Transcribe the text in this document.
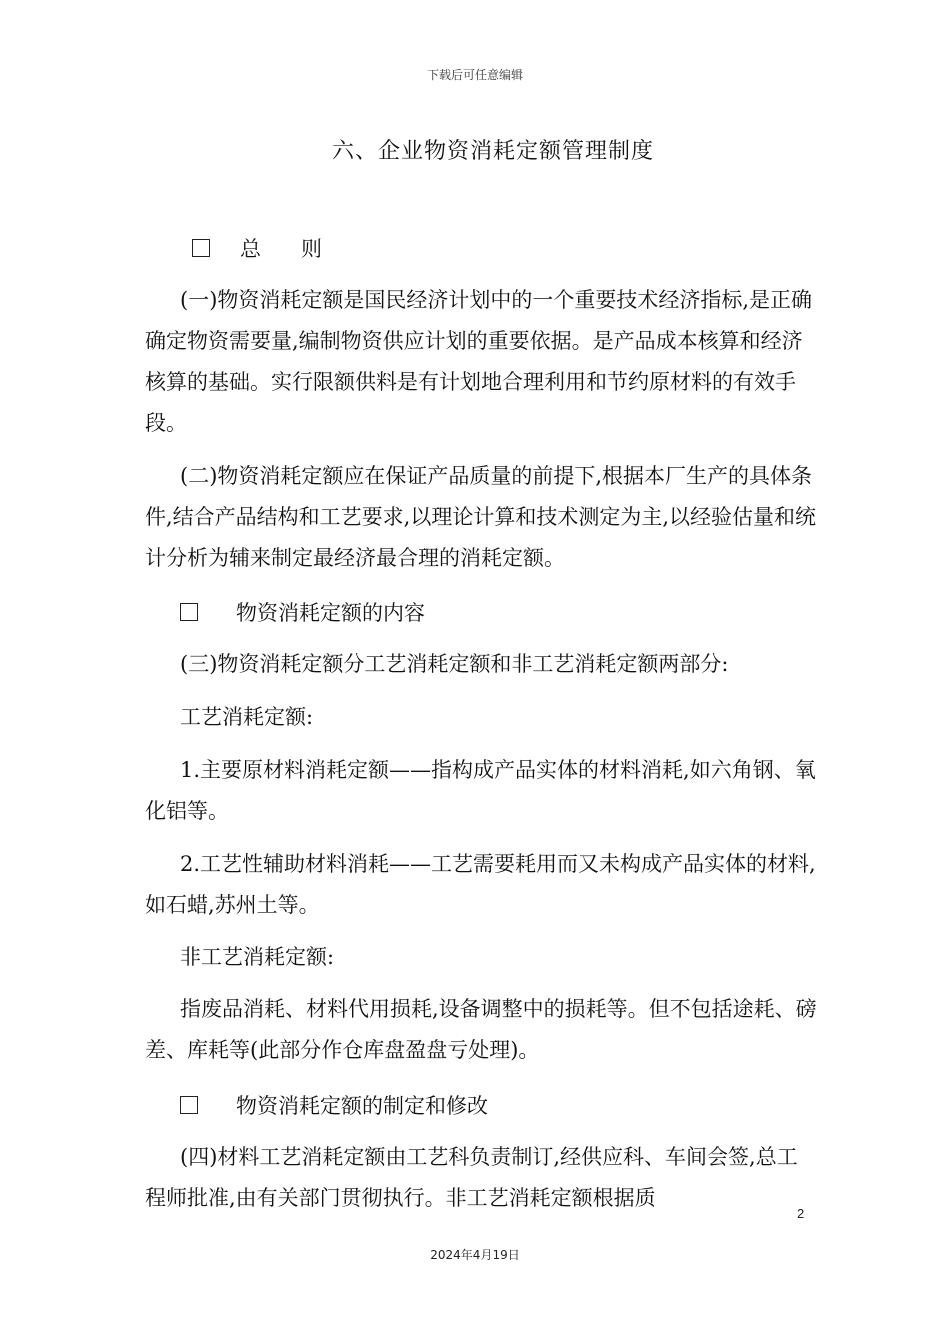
下载后可任意编辑
六、企业物资消耗定额管理制度
总      则

(一)物资消耗定额是国民经济计划中的一个重要技术经济指标,是正确确定物资需要量,编制物资供应计划的重要依据。是产品成本核算和经济核算的基础。实行限额供料是有计划地合理利用和节约原材料的有效手段。

(二)物资消耗定额应在保证产品质量的前提下,根据本厂生产的具体条件,结合产品结构和工艺要求,以理论计算和技术测定为主,以经验估量和统计分析为辅来制定最经济最合理的消耗定额。

物资消耗定额的内容

(三)物资消耗定额分工艺消耗定额和非工艺消耗定额两部分:

工艺消耗定额:

1.主要原材料消耗定额——指构成产品实体的材料消耗,如六角钢、氧化铝等。

2.工艺性辅助材料消耗——工艺需要耗用而又未构成产品实体的材料,如石蜡,苏州土等。

非工艺消耗定额:

指废品消耗、材料代用损耗,设备调整中的损耗等。但不包括途耗、磅差、库耗等(此部分作仓库盘盈盘亏处理)。

物资消耗定额的制定和修改

(四)材料工艺消耗定额由工艺科负责制订,经供应科、车间会签,总工程师批准,由有关部门贯彻执行。非工艺消耗定额根据质

2
2024年4月19日
